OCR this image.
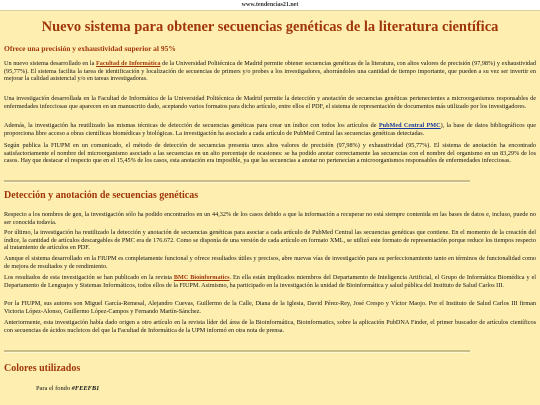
www.tendencias21.net
Nuevo sistema para obtener secuencias genéticas de la literatura científica

Ofrece una precisión y exhaustividad superior al 95%

Un nuevo sistema desarrollado en la Facultad de Informática de la Universidad Politécnica de Madrid permite obtener secuencias genéticas de la literatura, con altos valores de precisión (97,98%) y exhaustividad (95,77%). El sistema facilita la tarea de identificación y localización de secuencias de primers y/o probes a los investigadores, ahorrándoles una cantidad de tiempo importante, que pueden a su vez ser invertir en mejorar la calidad asistencial y/o en tareas investigadoras.

Una investigación desarrollada en la Facultad de Informática de la Universidad Politécnica de Madrid permite la detección y anotación de secuencias genéticas pertenecientes a microorganismos responsables de enfermedades infecciosas que aparecen en un manuscrito dado, aceptando varios formatos para dicho artículo, entre ellos el PDF, el sistema de representación de documentos más utilizado por los investigadores.

Además, la investigación ha reutilizado las mismas técnicas de detección de secuencias genéticas para crear un índice con todos los artículos de PubMed Central PMC), la base de datos bibliográficos que proporciona libre acceso a obras científicas biomédicas y biológicas. La investigación ha asociado a cada artículo de PubMed Central las secuencias genéticas detectadas.

Según publica la FIUPM en un comunicado, el método de detección de secuencias presenta unos altos valores de precisión (97,98%) y exhaustividad (95,77%). El sistema de anotación ha encontrado satisfactoriamente el nombre del microorganismo asociado a las secuencias en un alto porcentaje de ocasiones: se ha podido anotar correctamente las secuencias con el nombre del organismo en un 83,29% de los casos. Hay que destacar el respecto que en el 15,45% de los casos, esta anotación era imposible, ya que las secuencias a anotar no pertenecían a microorganismos responsables de enfermedades infecciosas.

Detección y anotación de secuencias genéticas

Respecto a los nombres de gen, la investigación sólo ha podido encontrarlos en un 44,32% de los casos debido a que la información a recuperar no está siempre contenida en las bases de datos e, incluso, puede no ser conocida todavía.

Por último, la investigación ha reutilizado la detección y anotación de secuencias genéticas para asociar a cada artículo de PubMed Central las secuencias genéticas que contiene. En el momento de la creación del índice, la cantidad de artículos descargables de PMC era de 176.672. Como se disponía de una versión de cada artículo en formato XML, se utilizó este formato de representación porque reduce los tiempos respecto al tratamiento de artículos en PDF.

Aunque el sistema desarrollado en la FIUPM es completamente funcional y ofrece resultados útiles y precisos, abre nuevas vías de investigación para su perfeccionamiento tanto en términos de funcionalidad como de mejora de resultados y de rendimiento.

Los resultados de esta investigación se han publicado en la revista BMC Bioinformatics. En ella están implicados miembros del Departamento de Inteligencia Artificial, el Grupo de Informática Biomédica y el Departamento de Lenguajes y Sistemas Informáticos, todos ellos de la FIUPM. Asimismo, ha participado en la investigación la unidad de Bioinformática y salud pública del Instituto de Salud Carlos III.

Por la FIUPM, sus autores son Miguel García-Remesal, Alejandro Cuevas, Guillermo de la Calle, Diana de la Iglesia, David Pérez-Rey, José Crespo y Víctor Maojo. Por el Instituto de Salud Carlos III firman Victoria López-Alonso, Guillermo López-Campos y Fernando Martín-Sánchez.

Anteriormente, esta investigación había dado origen a otro artículo en la revista líder del área de la Bioinformática, Bioinformatics, sobre la aplicación PubDNA Finder, el primer buscador de artículos científicos con secuencias de ácidos nucleicos del que la Facultad de Informática de la UPM informó en otra nota de prensa.

Colores utilizados

Para el fondo #FEEFB1
